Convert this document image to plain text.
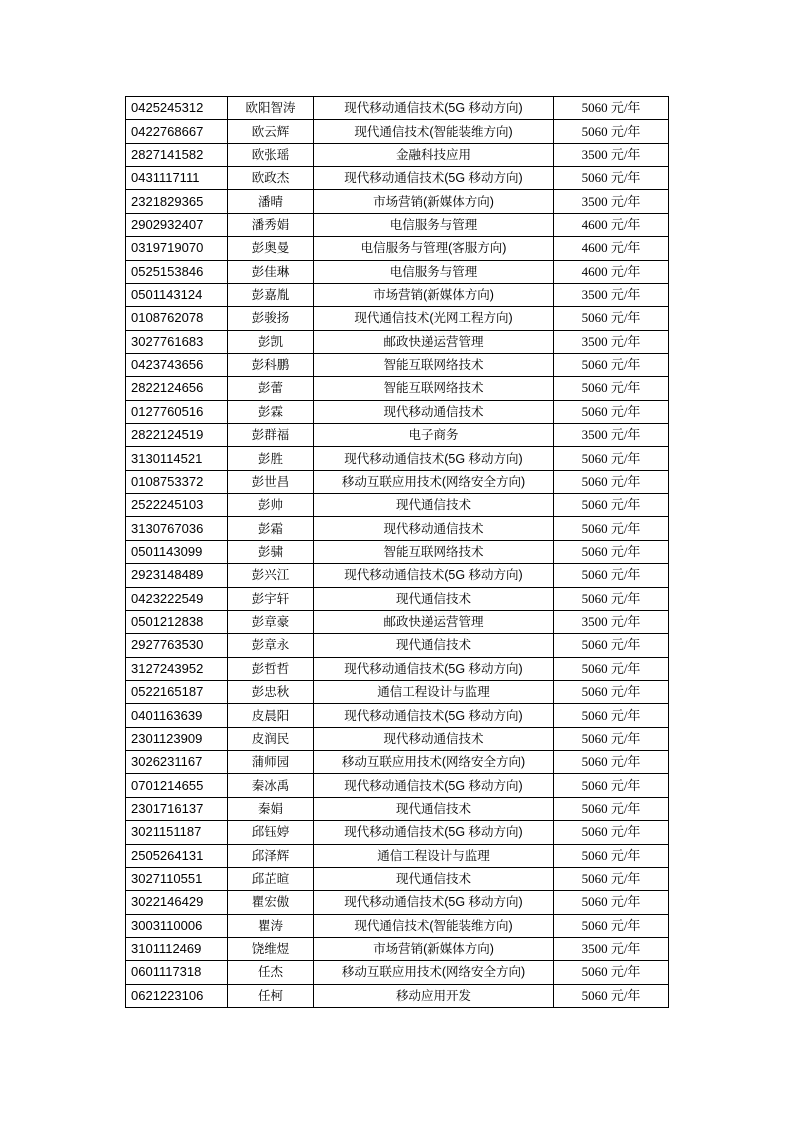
0425245312	欧阳智涛	现代移动通信技术(5G 移动方向)	5060 元/年
0422768667	欧云辉	现代通信技术(智能装维方向)	5060 元/年
2827141582	欧张瑶	金融科技应用	3500 元/年
0431117111	欧政杰	现代移动通信技术(5G 移动方向)	5060 元/年
2321829365	潘晴	市场营销(新媒体方向)	3500 元/年
2902932407	潘秀娟	电信服务与管理	4600 元/年
0319719070	彭奥曼	电信服务与管理(客服方向)	4600 元/年
0525153846	彭佳琳	电信服务与管理	4600 元/年
0501143124	彭嘉胤	市场营销(新媒体方向)	3500 元/年
0108762078	彭骏扬	现代通信技术(光网工程方向)	5060 元/年
3027761683	彭凯	邮政快递运营管理	3500 元/年
0423743656	彭科鹏	智能互联网络技术	5060 元/年
2822124656	彭蕾	智能互联网络技术	5060 元/年
0127760516	彭霖	现代移动通信技术	5060 元/年
2822124519	彭群福	电子商务	3500 元/年
3130114521	彭胜	现代移动通信技术(5G 移动方向)	5060 元/年
0108753372	彭世昌	移动互联应用技术(网络安全方向)	5060 元/年
2522245103	彭帅	现代通信技术	5060 元/年
3130767036	彭霜	现代移动通信技术	5060 元/年
0501143099	彭骕	智能互联网络技术	5060 元/年
2923148489	彭兴江	现代移动通信技术(5G 移动方向)	5060 元/年
0423222549	彭宇轩	现代通信技术	5060 元/年
0501212838	彭章豪	邮政快递运营管理	3500 元/年
2927763530	彭章永	现代通信技术	5060 元/年
3127243952	彭哲哲	现代移动通信技术(5G 移动方向)	5060 元/年
0522165187	彭忠秋	通信工程设计与监理	5060 元/年
0401163639	皮晨阳	现代移动通信技术(5G 移动方向)	5060 元/年
2301123909	皮润民	现代移动通信技术	5060 元/年
3026231167	蒲师园	移动互联应用技术(网络安全方向)	5060 元/年
0701214655	秦冰禹	现代移动通信技术(5G 移动方向)	5060 元/年
2301716137	秦娟	现代通信技术	5060 元/年
3021151187	邱钰婷	现代移动通信技术(5G 移动方向)	5060 元/年
2505264131	邱泽辉	通信工程设计与监理	5060 元/年
3027110551	邱芷暄	现代通信技术	5060 元/年
3022146429	瞿宏傲	现代移动通信技术(5G 移动方向)	5060 元/年
3003110006	瞿涛	现代通信技术(智能装维方向)	5060 元/年
3101112469	饶维煜	市场营销(新媒体方向)	3500 元/年
0601117318	任杰	移动互联应用技术(网络安全方向)	5060 元/年
0621223106	任柯	移动应用开发	5060 元/年
